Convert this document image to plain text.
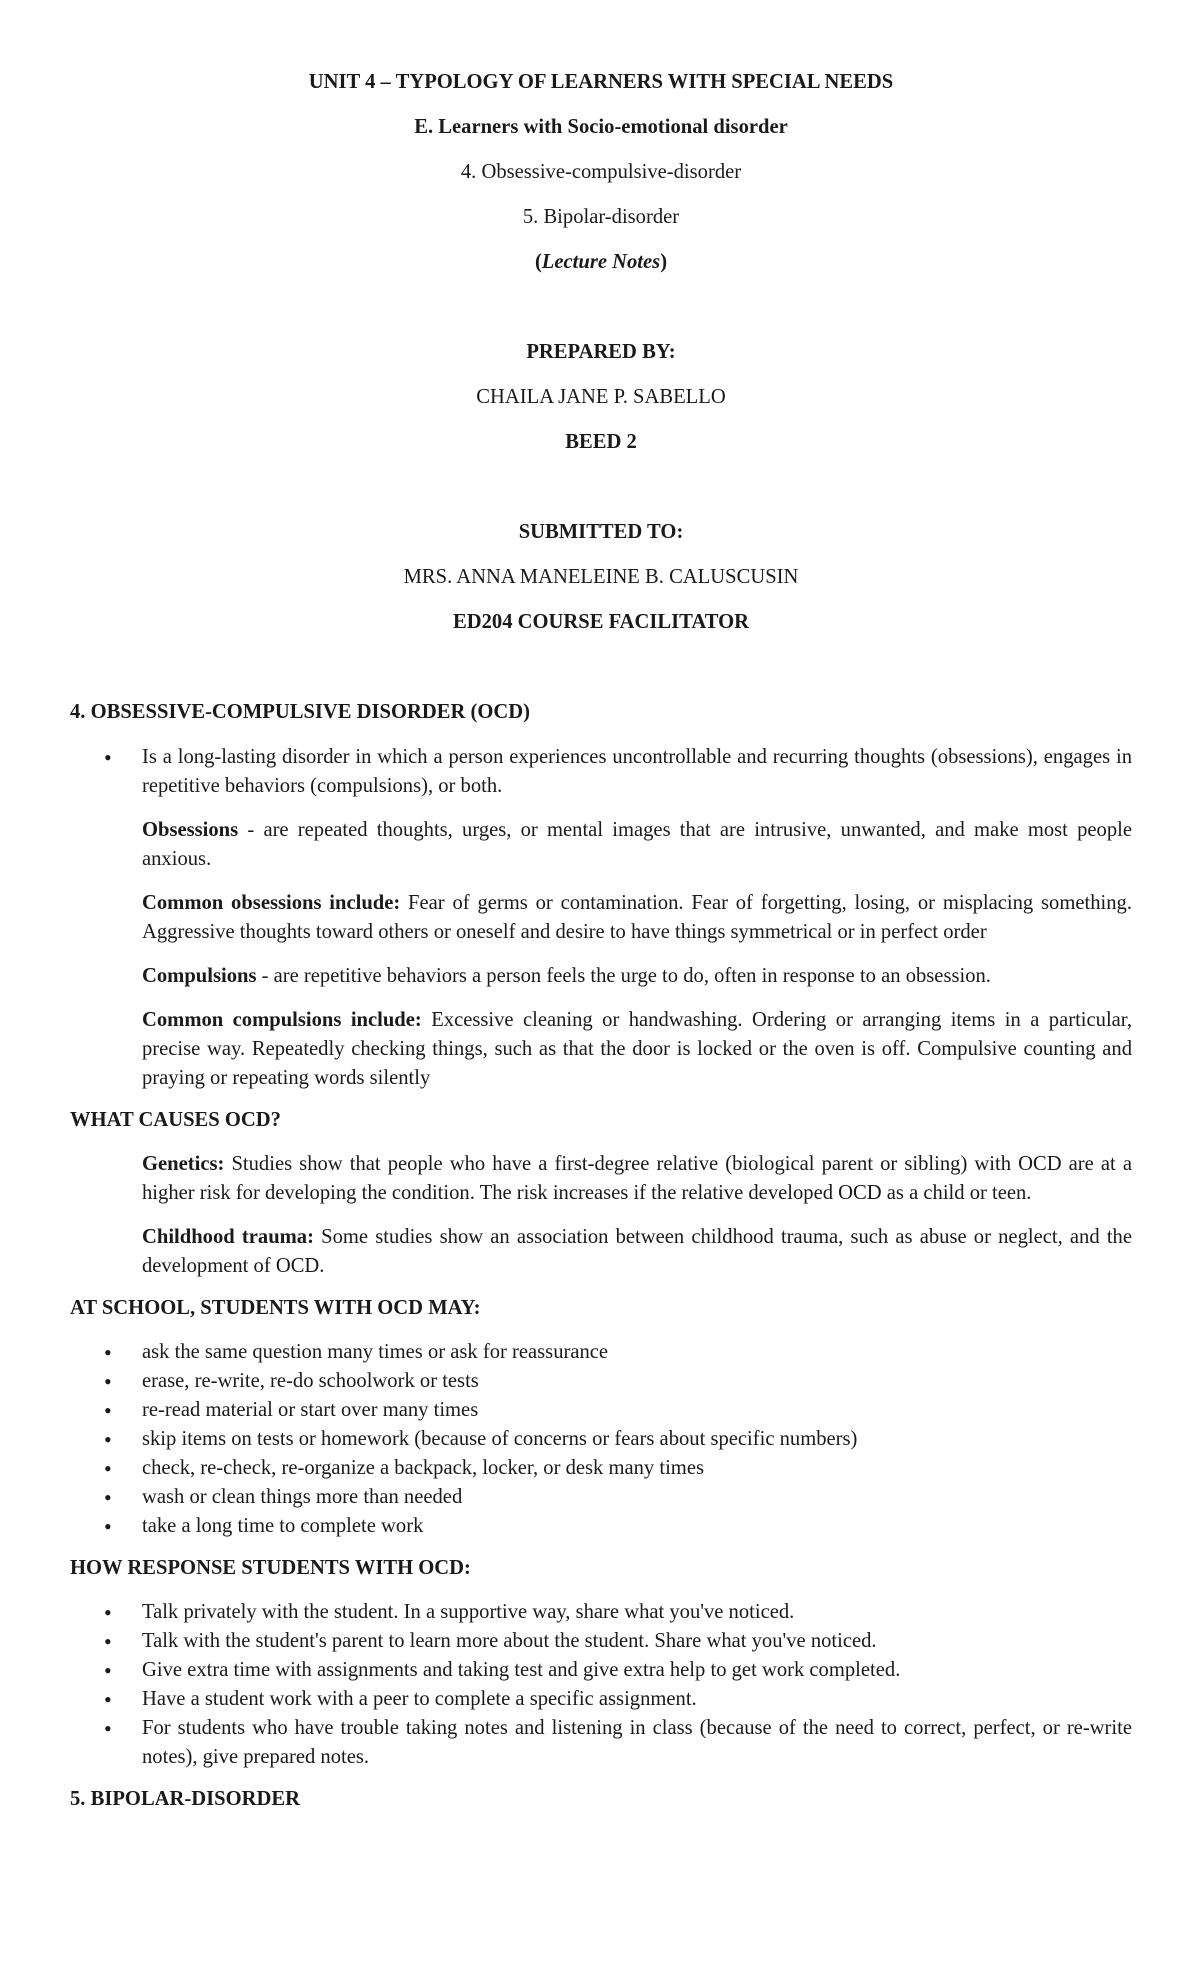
UNIT 4 – TYPOLOGY OF LEARNERS WITH SPECIAL NEEDS

E. Learners with Socio-emotional disorder

4. Obsessive-compulsive-disorder

5. Bipolar-disorder

(Lecture Notes)

PREPARED BY:

CHAILA JANE P. SABELLO

BEED 2

SUBMITTED TO:

MRS. ANNA MANELEINE B. CALUSCUSIN

ED204 COURSE FACILITATOR

4. OBSESSIVE-COMPULSIVE DISORDER (OCD)

• Is a long-lasting disorder in which a person experiences uncontrollable and recurring thoughts (obsessions), engages in repetitive behaviors (compulsions), or both.

Obsessions - are repeated thoughts, urges, or mental images that are intrusive, unwanted, and make most people anxious.

Common obsessions include: Fear of germs or contamination. Fear of forgetting, losing, or misplacing something. Aggressive thoughts toward others or oneself and desire to have things symmetrical or in perfect order

Compulsions - are repetitive behaviors a person feels the urge to do, often in response to an obsession.

Common compulsions include: Excessive cleaning or handwashing. Ordering or arranging items in a particular, precise way. Repeatedly checking things, such as that the door is locked or the oven is off. Compulsive counting and praying or repeating words silently

WHAT CAUSES OCD?

Genetics: Studies show that people who have a first-degree relative (biological parent or sibling) with OCD are at a higher risk for developing the condition. The risk increases if the relative developed OCD as a child or teen.

Childhood trauma: Some studies show an association between childhood trauma, such as abuse or neglect, and the development of OCD.

AT SCHOOL, STUDENTS WITH OCD MAY:

• ask the same question many times or ask for reassurance
• erase, re-write, re-do schoolwork or tests
• re-read material or start over many times
• skip items on tests or homework (because of concerns or fears about specific numbers)
• check, re-check, re-organize a backpack, locker, or desk many times
• wash or clean things more than needed
• take a long time to complete work

HOW RESPONSE STUDENTS WITH OCD:

• Talk privately with the student. In a supportive way, share what you've noticed.
• Talk with the student's parent to learn more about the student. Share what you've noticed.
• Give extra time with assignments and taking test and give extra help to get work completed.
• Have a student work with a peer to complete a specific assignment.
• For students who have trouble taking notes and listening in class (because of the need to correct, perfect, or re-write notes), give prepared notes.

5. BIPOLAR-DISORDER
